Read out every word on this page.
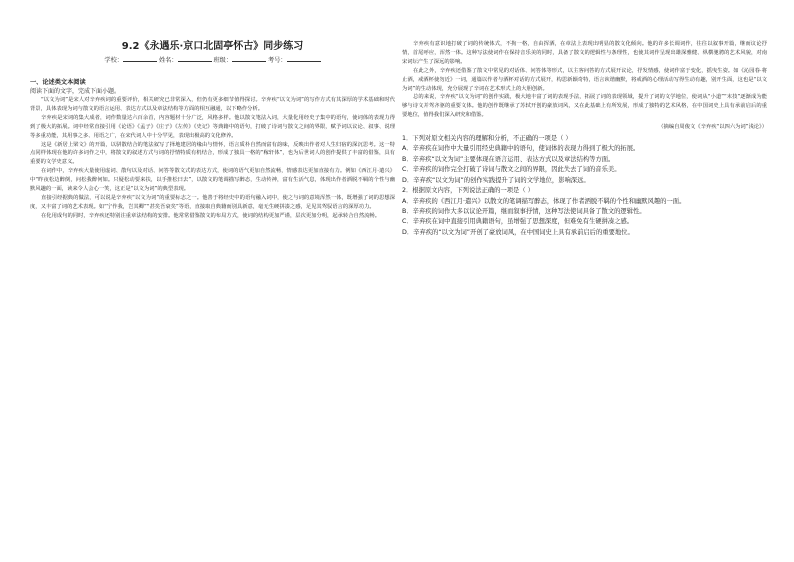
9.2《永遇乐·京口北固亭怀古》同步练习
学校：	姓名：	班级：	考号：

一、论述类文本阅读

阅读下面的文字，完成下面小题。

“以文为词”是宋人对辛弃疾词的重要评价，相关研究已非常深入，但仍有更多细节值得探讨。辛弃疾“以文为词”的写作方式有其深厚的学术基础和时代背景，具体表现为词与散文的语言运用、表达方式以及章法结构等方面的相互融通，以下略作分析。

辛弃疾是宋词的集大成者，词作数量达六百余首，内容题材十分广泛，风格多样。他以散文笔法入词，大量化用经史子集中的语句，使词体的表现力得到了极大的拓展。词中经常直接引用《论语》《孟子》《庄子》《左传》《史记》等典籍中的语句，打破了诗词与散文之间的界限，赋予词以议论、叙事、说理等多重功能，其用事之多、用语之广，在宋代词人中十分罕见，表现出极高的文化修养。

这是《新居上梁文》的开篇，以骈散结合的笔法叙写了择地建居的缘由与情怀，语言质朴自然而富有韵味，反映出作者对人生归宿的深沉思考。这一特点同样体现在他的许多词作之中，将散文的叙述方式与词的抒情特质有机结合，形成了独具一格的“稼轩体”，也为后世词人的创作提供了丰富的借鉴，具有重要的文学史意义。

在词作中，辛弃疾大量使用虚词、散句以及对话、问答等散文式的表达方式，使词的语气更加自然流畅，情感表达更加直接有力。例如《西江月·遣兴》中“昨夜松边醉倒，问松我醉何如。只疑松动要来扶，以手推松曰去”，以散文的笔调描写醉态，生动传神，富有生活气息，体现出作者洒脱不羁的个性与幽默风趣的一面，读来令人会心一笑，这正是“以文为词”的典型表现。

直接引经据典的做法，可以说是辛弃疾“以文为词”的重要标志之一。他善于将经史中的语句融入词中，使之与词的意境浑然一体，既增强了词的思想深度，又丰富了词的艺术表现。如“宁作我，岂其卿”“甚矣吾衰矣”等语，直接取自典籍而别具新意，毫无生硬拼凑之感，足见其驾驭语言的深厚功力。

在化用成句的同时，辛弃疾还特别注重章法结构的安排。他常常借鉴散文的布局方式，使词的结构更加严谨，层次更加分明，起承转合自然流畅。

辛弃疾有意识地打破了词的传统体式，不拘一格，自由挥洒，在章法上表现出明显的散文化倾向。他的许多长调词作，往往以叙事开篇，继而议论抒情，首尾呼应，浑然一体。这种写法使词作在保持音乐美的同时，具备了散文的逻辑性与条理性，也使其词作呈现出雄深雅健、纵横驰骋的艺术风貌，对南宋词坛产生了深远的影响。

在此之外，辛弃疾还借鉴了散文中常见的对话体、问答体等形式，以主客问答的方式展开议论，抒发情感，使词作富于变化，摇曳生姿。如《沁园春·将止酒，戒酒杯使勿近》一词，通篇以作者与酒杯对话的方式展开，构思新颖奇特，语言诙谐幽默，将戒酒的心理活动写得生动有趣，别开生面，这也是“以文为词”的生动体现，充分展现了辛词在艺术形式上的大胆创新。

总的来说，辛弃疾“以文为词”的创作实践，极大地丰富了词的表现手法，拓展了词的表现领域，提升了词的文学地位，使词从“小道”“末技”逐渐成为能够与诗文并驾齐驱的重要文体。他的创作既继承了苏轼开创的豪放词风，又在此基础上有所发展，形成了独特的艺术风格，在中国词史上具有承前启后的重要地位，值得我们深入研究和借鉴。

（摘编自周俊文《辛弃疾“以四六为词”浅论》）

1．下列对原文相关内容的理解和分析，不正确的一项是（ ）

A．辛弃疾在词作中大量引用经史典籍中的语句，使词体的表现力得到了极大的拓展。

B．辛弃疾“以文为词”主要体现在语言运用、表达方式以及章法结构等方面。

C．辛弃疾的词作完全打破了诗词与散文之间的界限，因此失去了词的音乐美。

D．辛弃疾“以文为词”的创作实践提升了词的文学地位，影响深远。

2．根据原文内容，下列说法正确的一项是（ ）

A．辛弃疾的《西江月·遣兴》以散文的笔调描写醉态，体现了作者洒脱不羁的个性和幽默风趣的一面。

B．辛弃疾的词作大多以议论开篇，继而叙事抒情，这种写法使词具备了散文的逻辑性。

C．辛弃疾在词中直接引用典籍语句，虽增强了思想深度，但难免有生硬拼凑之感。

D．辛弃疾的“以文为词”开创了豪放词风，在中国词史上具有承前启后的重要地位。
